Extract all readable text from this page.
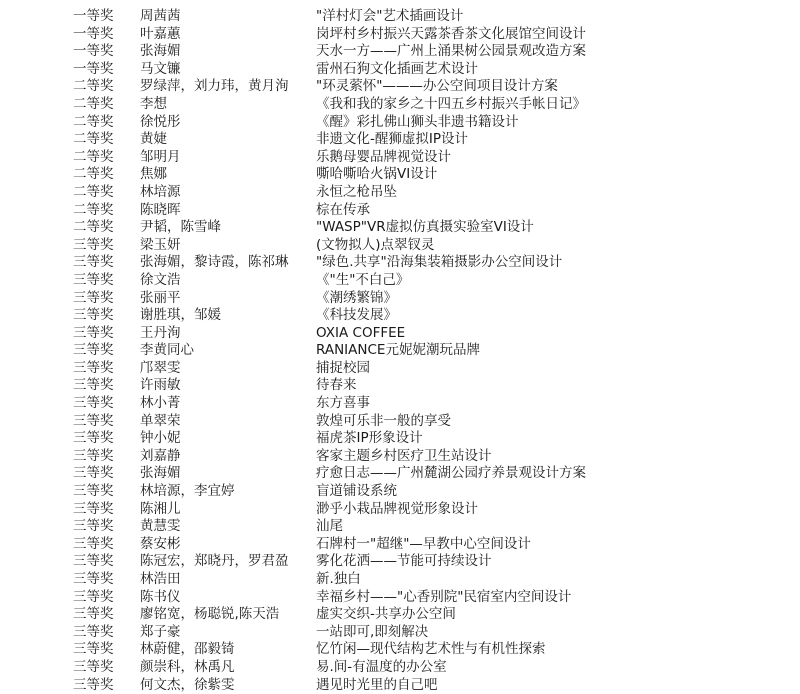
一等奖	周茜茜	"洋村灯会"艺术插画设计
一等奖	叶嘉蕙	岗坪村乡村振兴天露茶香茶文化展馆空间设计
一等奖	张海媚	天水一方——广州上涌果树公园景观改造方案
一等奖	马文镰	雷州石狗文化插画艺术设计
二等奖	罗绿萍，刘力玮，黄月洵	"环灵萦怀"———办公空间项目设计方案
二等奖	李想	《我和我的家乡之十四五乡村振兴手帐日记》
二等奖	徐悦彤	《醒》彩扎佛山狮头非遗书籍设计
二等奖	黄婕	非遗文化-醒狮虚拟IP设计
二等奖	邹明月	乐鹅母婴品牌视觉设计
二等奖	焦娜	嘶哈嘶哈火锅VI设计
二等奖	林培源	永恒之枪吊坠
二等奖	陈晓晖	棕在传承
二等奖	尹韬，陈雪峰	"WASP"VR虚拟仿真摄实验室VI设计
三等奖	梁玉妍	(文物拟人)点翠钗灵
三等奖	张海媚，黎诗霞，陈祁琳	"绿色.共享"沿海集装箱摄影办公空间设计
三等奖	徐文浩	《"生"不白己》
三等奖	张丽平	《潮绣繁锦》
三等奖	谢胜琪，邹媛	《科技发展》
三等奖	王丹洵	OXIA COFFEE
三等奖	李黄同心	RANIANCE元妮妮潮玩品牌
三等奖	邝翠雯	捕捉校园
三等奖	许雨敏	待春来
三等奖	林小菁	东方喜事
三等奖	单翠荣	敦煌可乐非一般的享受
三等奖	钟小妮	福虎茶IP形象设计
三等奖	刘嘉静	客家主题乡村医疗卫生站设计
三等奖	张海媚	疗愈日志——广州麓湖公园疗养景观设计方案
三等奖	林培源，李宜婷	盲道铺设系统
三等奖	陈湘儿	渺乎小栽品牌视觉形象设计
三等奖	黄慧雯	汕尾
三等奖	蔡安彬	石牌村一"超继"—早教中心空间设计
三等奖	陈冠宏，郑晓丹，罗君盈	雾化花洒——节能可持续设计
三等奖	林浩田	新.独白
三等奖	陈书仪	幸福乡村——"心香别院"民宿室内空间设计
三等奖	廖铭宽，杨聪锐,陈天浩	虚实交织-共享办公空间
三等奖	郑子豪	一站即可,即刻解决
三等奖	林蔚健，邵毅锜	忆竹闲—现代结构艺术性与有机性探索
三等奖	颜崇科，林禹凡	易.间-有温度的办公室
三等奖	何文杰，徐紫雯	遇见时光里的自己吧
